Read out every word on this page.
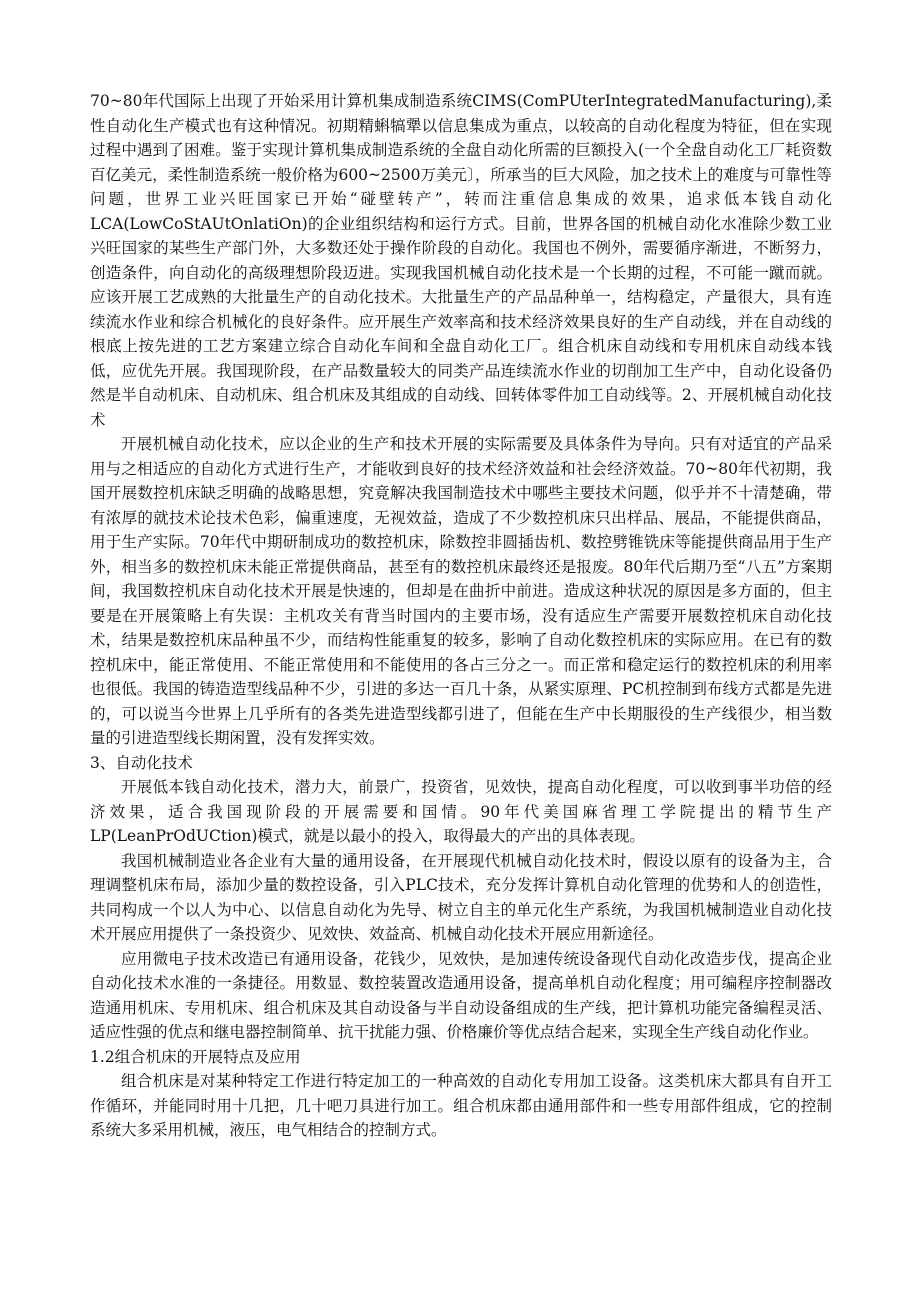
70~80年代国际上出现了开始采用计算机集成制造系统CIMS(ComPUterIntegratedManufacturing),柔性自动化生产模式也有这种情况。初期精蝌犒犟以信息集成为重点，以较高的自动化程度为特征，但在实现过程中遇到了困难。鉴于实现计算机集成制造系统的全盘自动化所需的巨额投入(一个全盘自动化工厂耗资数百亿美元，柔性制造系统一般价格为600~2500万美元〕，所承当的巨大风险，加之技术上的难度与可靠性等问题，世界工业兴旺国家已开始“碰壁转产”，转而注重信息集成的效果，追求低本钱自动化LCA(LowCoStAUtOnlatiOn)的企业组织结构和运行方式。目前，世界各国的机械自动化水准除少数工业兴旺国家的某些生产部门外，大多数还处于操作阶段的自动化。我国也不例外，需要循序渐进，不断努力，创造条件，向自动化的高级理想阶段迈进。实现我国机械自动化技术是一个长期的过程，不可能一蹴而就。应该开展工艺成熟的大批量生产的自动化技术。大批量生产的产品品种单一，结构稳定，产量很大，具有连续流水作业和综合机械化的良好条件。应开展生产效率高和技术经济效果良好的生产自动线，并在自动线的根底上按先进的工艺方案建立综合自动化车间和全盘自动化工厂。组合机床自动线和专用机床自动线本钱低，应优先开展。我国现阶段，在产品数量较大的同类产品连续流水作业的切削加工生产中，自动化设备仍然是半自动机床、自动机床、组合机床及其组成的自动线、回转体零件加工自动线等。2、开展机械自动化技术

开展机械自动化技术，应以企业的生产和技术开展的实际需要及具体条件为导向。只有对适宜的产品采用与之相适应的自动化方式进行生产，才能收到良好的技术经济效益和社会经济效益。70~80年代初期，我国开展数控机床缺乏明确的战略思想，究竟解决我国制造技术中哪些主要技术问题，似乎并不十清楚确，带有浓厚的就技术论技术色彩，偏重速度，无视效益，造成了不少数控机床只出样品、展品，不能提供商品，用于生产实际。70年代中期研制成功的数控机床，除数控非圆插齿机、数控劈锥铣床等能提供商品用于生产外，相当多的数控机床未能正常提供商品，甚至有的数控机床最终还是报废。80年代后期乃至“八五”方案期间，我国数控机床自动化技术开展是快速的，但却是在曲折中前进。造成这种状况的原因是多方面的，但主要是在开展策略上有失误：主机攻关有背当时国内的主要市场，没有适应生产需要开展数控机床自动化技术，结果是数控机床品种虽不少，而结构性能重复的较多，影响了自动化数控机床的实际应用。在已有的数控机床中，能正常使用、不能正常使用和不能使用的各占三分之一。而正常和稳定运行的数控机床的利用率也很低。我国的铸造造型线品种不少，引进的多达一百几十条，从紧实原理、PC机控制到布线方式都是先进的，可以说当今世界上几乎所有的各类先进造型线都引进了，但能在生产中长期服役的生产线很少，相当数量的引进造型线长期闲置，没有发挥实效。

3、自动化技术

开展低本钱自动化技术，潜力大，前景广，投资省，见效快，提高自动化程度，可以收到事半功倍的经济效果，适合我国现阶段的开展需要和国情。90年代美国麻省理工学院提出的精节生产LP(LeanPrOdUCtion)模式，就是以最小的投入，取得最大的产出的具体表现。

我国机械制造业各企业有大量的通用设备，在开展现代机械自动化技术时，假设以原有的设备为主，合理调整机床布局，添加少量的数控设备，引入PLC技术，充分发挥计算机自动化管理的优势和人的创造性，共同构成一个以人为中心、以信息自动化为先导、树立自主的单元化生产系统，为我国机械制造业自动化技术开展应用提供了一条投资少、见效快、效益高、机械自动化技术开展应用新途径。

应用微电子技术改造已有通用设备，花钱少，见效快，是加速传统设备现代自动化改造步伐，提高企业自动化技术水准的一条捷径。用数显、数控装置改造通用设备，提高单机自动化程度；用可编程序控制器改造通用机床、专用机床、组合机床及其自动设备与半自动设备组成的生产线，把计算机功能完备编程灵活、适应性强的优点和继电器控制简单、抗干扰能力强、价格廉价等优点结合起来，实现全生产线自动化作业。

1.2组合机床的开展特点及应用

组合机床是对某种特定工作进行特定加工的一种高效的自动化专用加工设备。这类机床大都具有自开工作循环，并能同时用十几把，几十吧刀具进行加工。组合机床都由通用部件和一些专用部件组成，它的控制系统大多采用机械，液压，电气相结合的控制方式。
